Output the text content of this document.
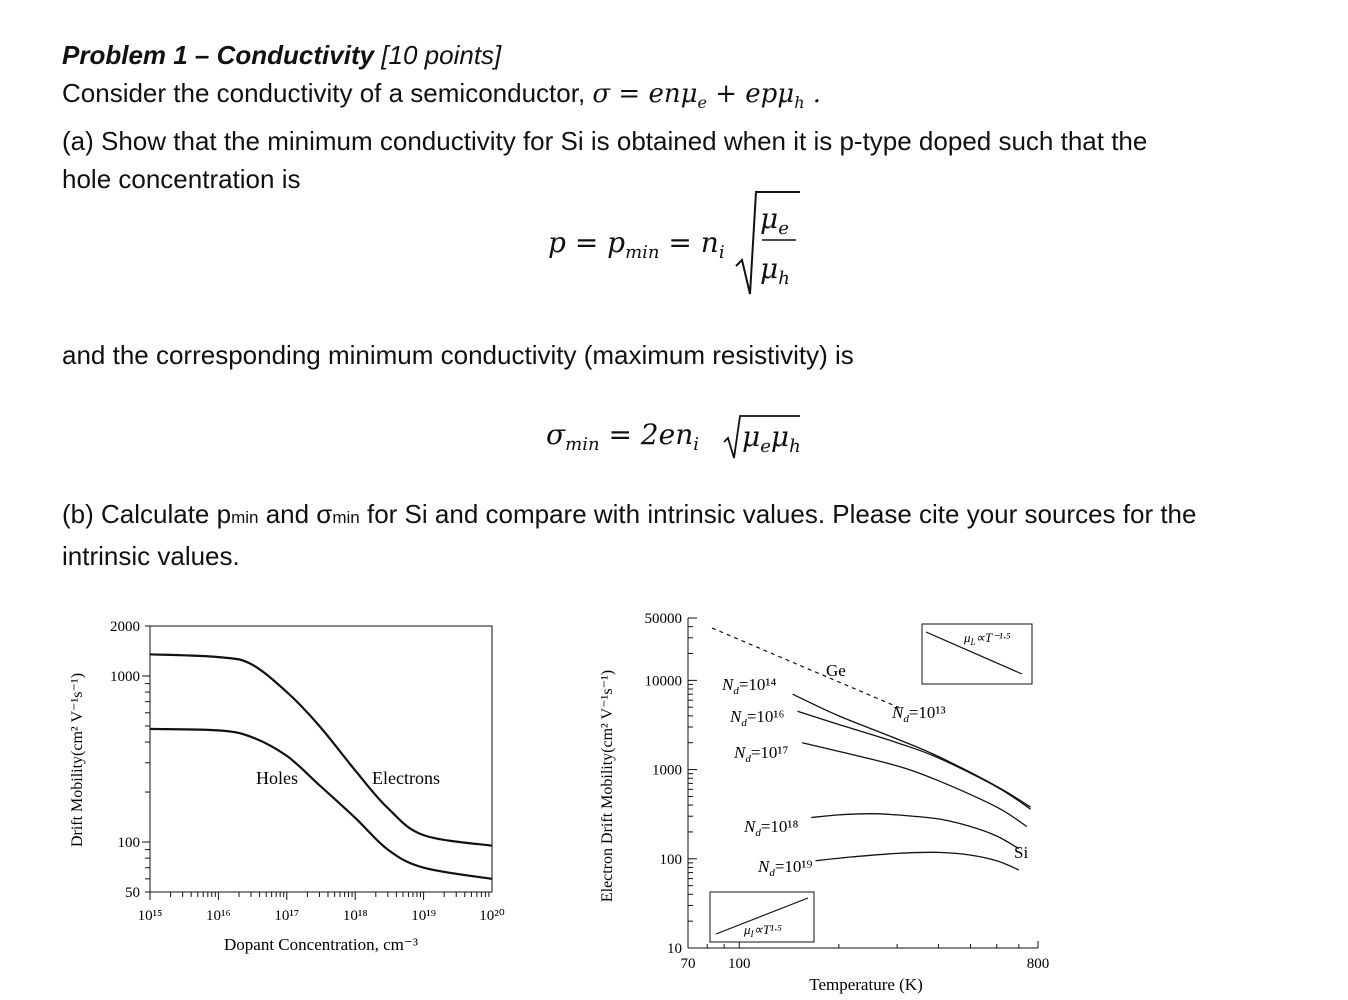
Problem 1 – Conductivity [10 points]
Consider the conductivity of a semiconductor, σ = enμ$_e$ + epμ$_h$ .
(a) Show that the minimum conductivity for Si is obtained when it is p-type doped such that the
hole concentration is
$p = p_{min} = n_i$
$\mu_e$
$\mu_h$
and the corresponding minimum conductivity (maximum resistivity) is
$\sigma_{min} = 2en_i$ $\mu_e\mu_h$
(b) Calculate pmin and σmin for Si and compare with intrinsic values. Please cite your sources for the
intrinsic values.
10¹⁵	10¹⁶	10¹⁷	10¹⁸	10¹⁹	10²⁰
2000
1000
100
50
Drift Mobility(cm² V⁻¹s⁻¹)
Dopant Concentration, cm⁻³
Holes	Electrons
70 100	800
50000
10000
1000
100
10
Electron Drift Mobility(cm² V⁻¹s⁻¹)
Temperature (K)
Ge
Si
$N_d=10^{14}$
$N_d=10^{16}$
$N_d=10^{17}$
$N_d=10^{18}$
$N_d=10^{19}$
$N_d=10^{13}$
$\mu_L\propto T^{-1}\cdot^5$
$\mu_I\propto T^1\cdot^5$
